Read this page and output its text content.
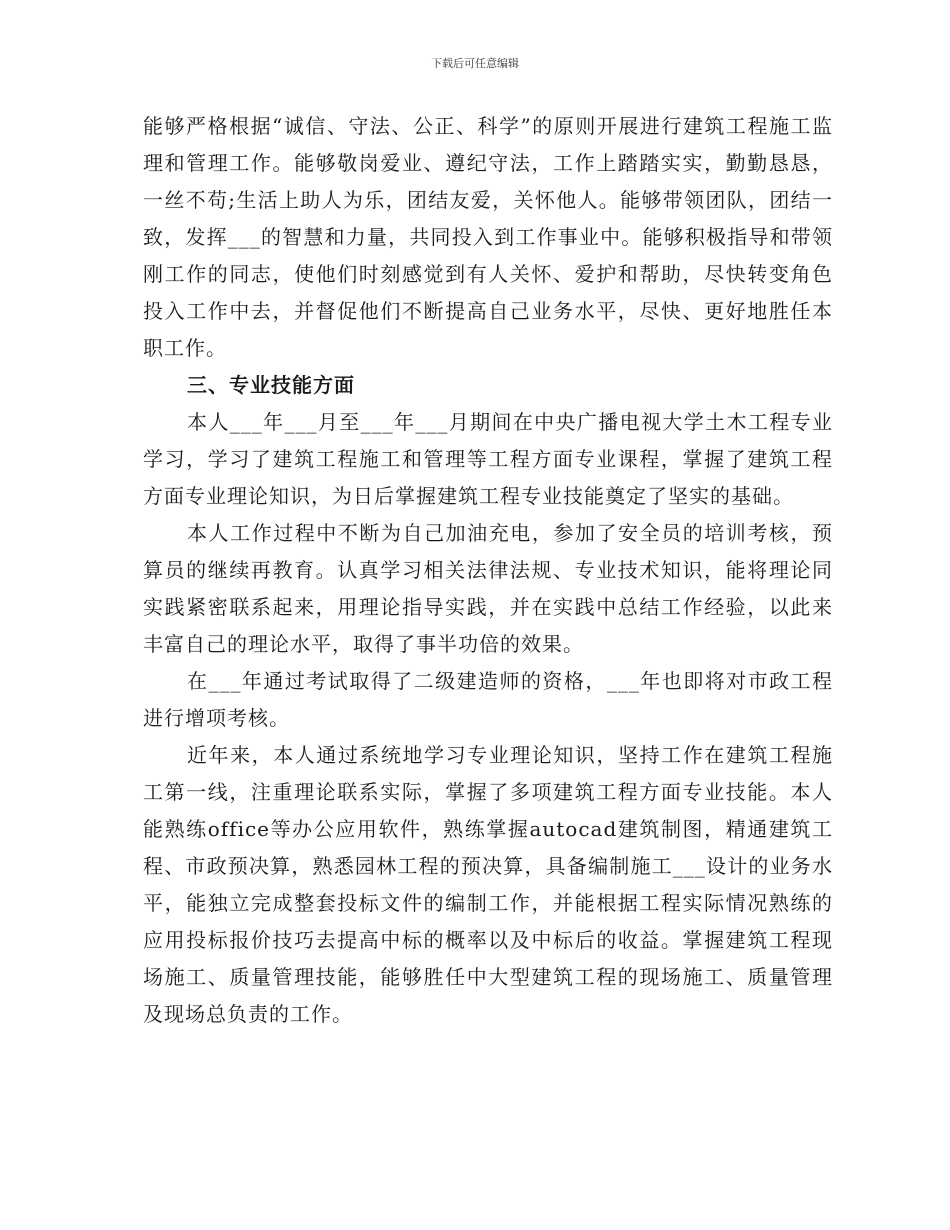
下载后可任意编辑

能够严格根据“诚信、守法、公正、科学”的原则开展进行建筑工程施工监理和管理工作。能够敬岗爱业、遵纪守法，工作上踏踏实实，勤勤恳恳，一丝不苟;生活上助人为乐，团结友爱，关怀他人。能够带领团队，团结一致，发挥___的智慧和力量，共同投入到工作事业中。能够积极指导和带领刚工作的同志，使他们时刻感觉到有人关怀、爱护和帮助，尽快转变角色投入工作中去，并督促他们不断提高自己业务水平，尽快、更好地胜任本职工作。

三、专业技能方面

本人___年___月至___年___月期间在中央广播电视大学土木工程专业学习，学习了建筑工程施工和管理等工程方面专业课程，掌握了建筑工程方面专业理论知识，为日后掌握建筑工程专业技能奠定了坚实的基础。

本人工作过程中不断为自己加油充电，参加了安全员的培训考核，预算员的继续再教育。认真学习相关法律法规、专业技术知识，能将理论同实践紧密联系起来，用理论指导实践，并在实践中总结工作经验，以此来丰富自己的理论水平，取得了事半功倍的效果。

在___年通过考试取得了二级建造师的资格，___年也即将对市政工程进行增项考核。

近年来，本人通过系统地学习专业理论知识，坚持工作在建筑工程施工第一线，注重理论联系实际，掌握了多项建筑工程方面专业技能。本人能熟练office等办公应用软件，熟练掌握autocad建筑制图，精通建筑工程、市政预决算，熟悉园林工程的预决算，具备编制施工___设计的业务水平，能独立完成整套投标文件的编制工作，并能根据工程实际情况熟练的应用投标报价技巧去提高中标的概率以及中标后的收益。掌握建筑工程现场施工、质量管理技能，能够胜任中大型建筑工程的现场施工、质量管理及现场总负责的工作。
